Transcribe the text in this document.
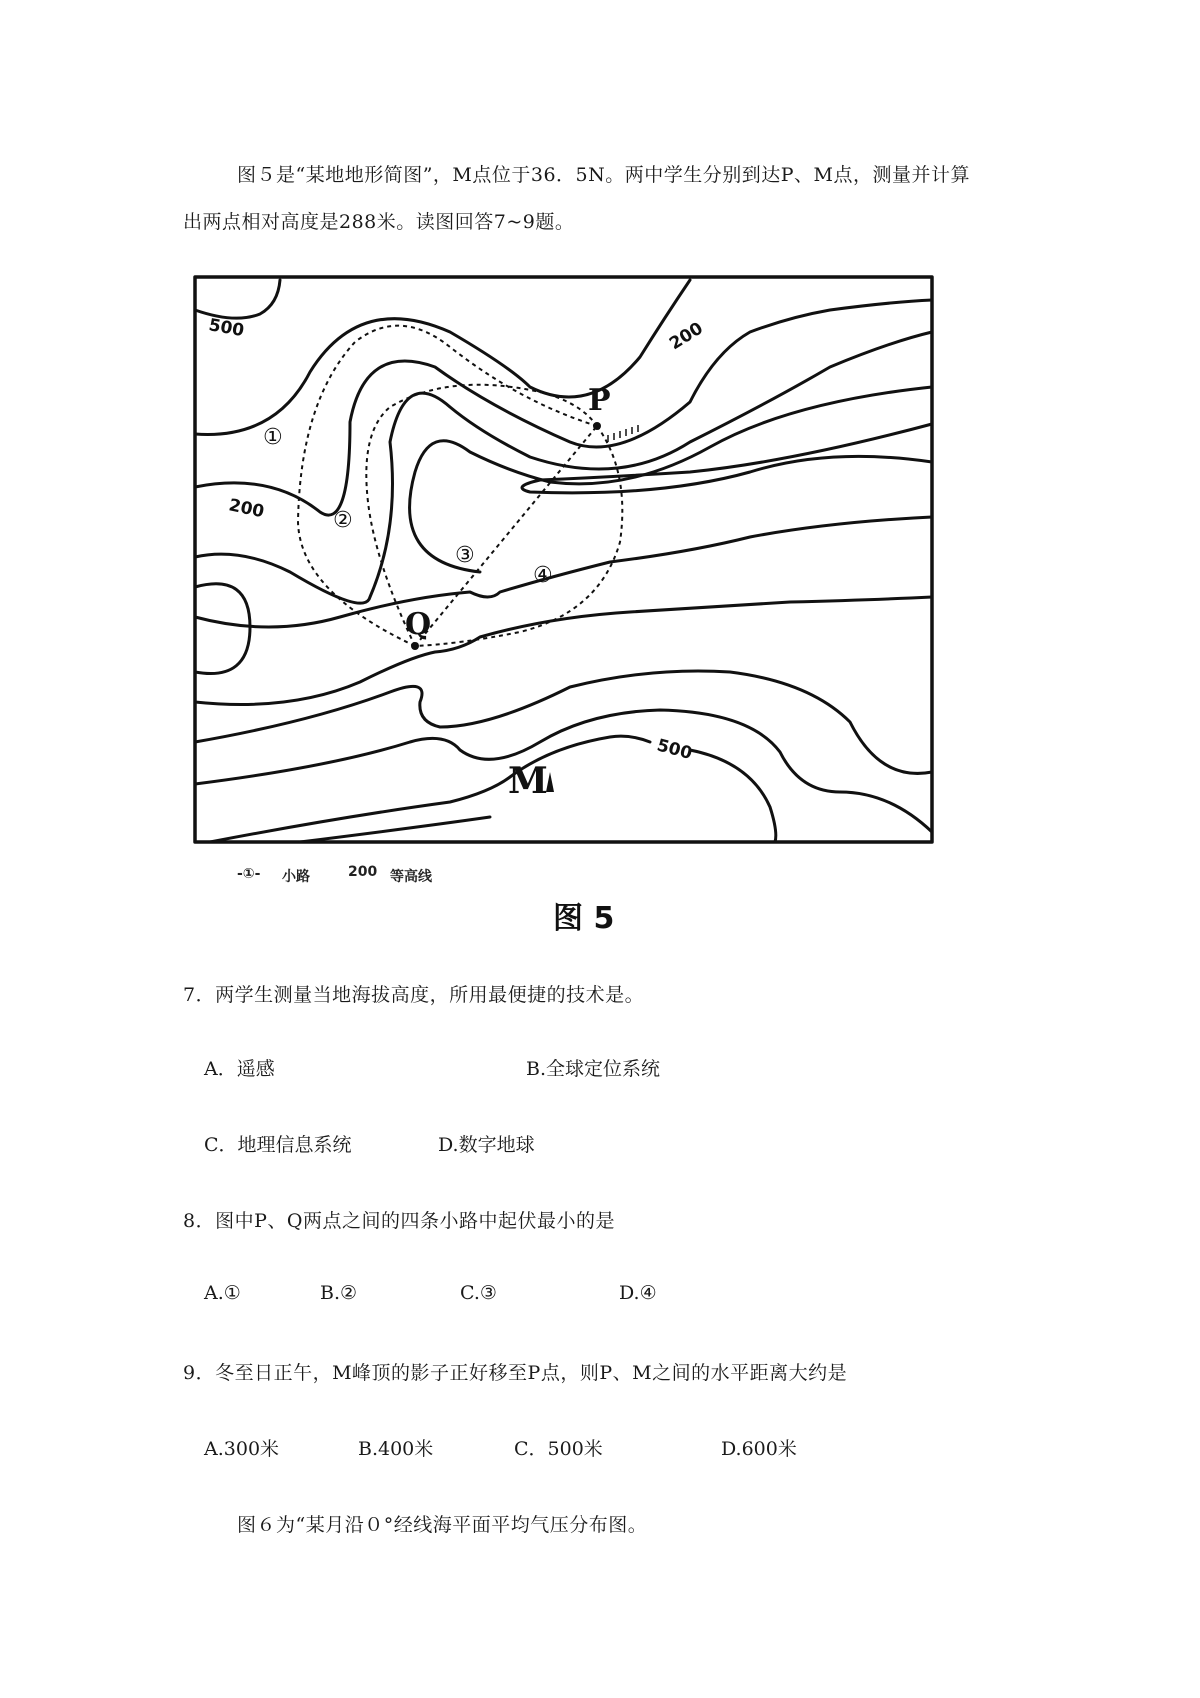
图５是“某地地形简图”，M点位于36．5N。两中学生分别到达P、M点，测量并计算
出两点相对高度是288米。读图回答7~9题。
500
200
200
500
P
Q
M
①
②
③
④
-①- 小路	200 等高线
图 5
7．两学生测量当地海拔高度，所用最便捷的技术是。
A．遥感	B.全球定位系统
C．地理信息系统	D.数字地球
8．图中P、Q两点之间的四条小路中起伏最小的是
A.①	B.②	C.③	D.④
9．冬至日正午，M峰顶的影子正好移至P点，则P、M之间的水平距离大约是
A.300米	B.400米	C．500米	D.600米
图６为“某月沿０°经线海平面平均气压分布图。
